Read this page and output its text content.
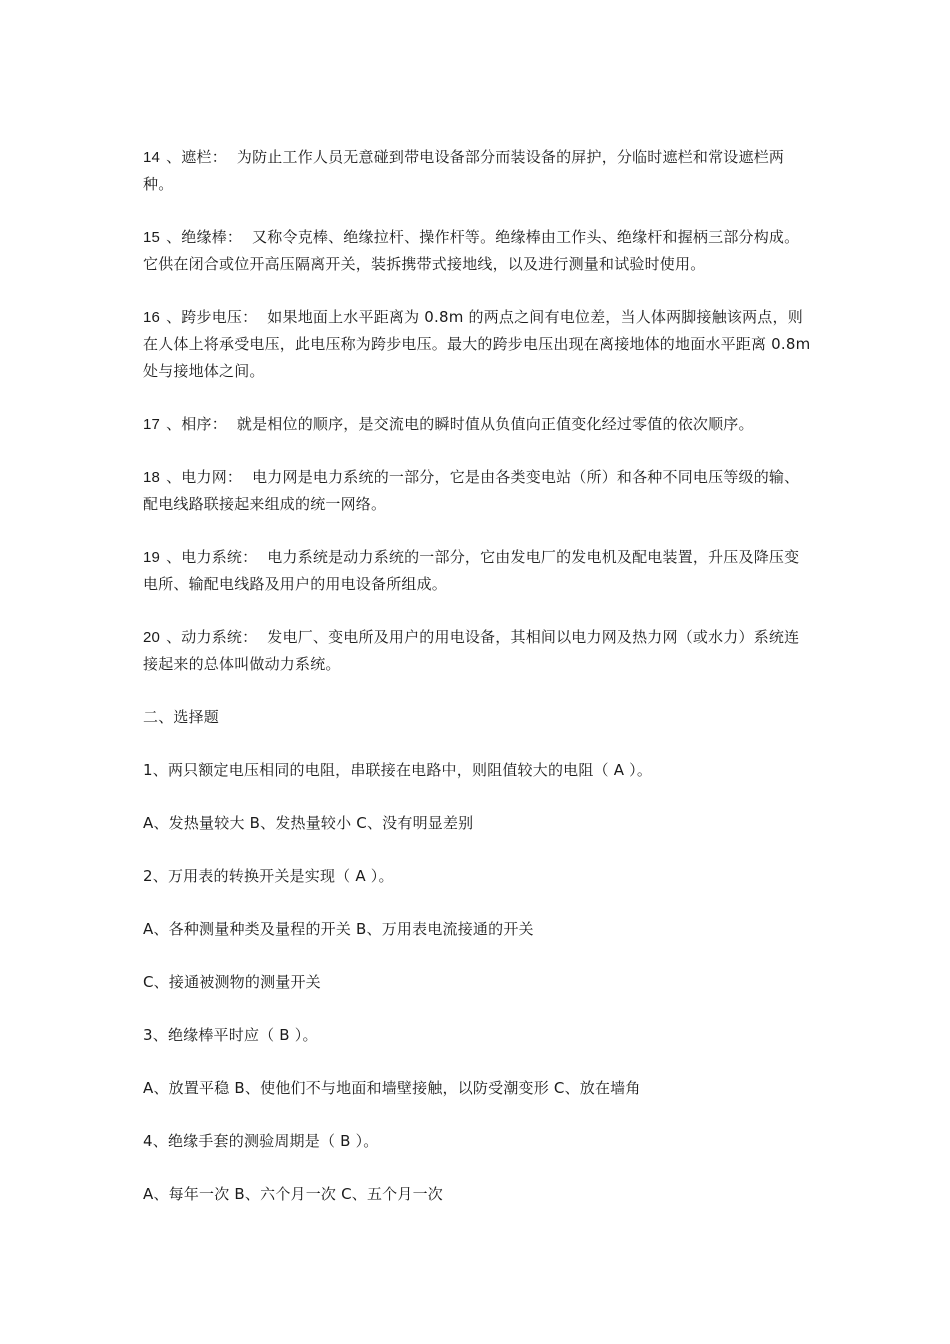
14 、遮栏： 为防止工作人员无意碰到带电设备部分而装设备的屏护，分临时遮栏和常设遮栏两种。

15 、绝缘棒： 又称令克棒、绝缘拉杆、操作杆等。绝缘棒由工作头、绝缘杆和握柄三部分构成。它供在闭合或位开高压隔离开关，装拆携带式接地线，以及进行测量和试验时使用。

16 、跨步电压： 如果地面上水平距离为 0.8m 的两点之间有电位差，当人体两脚接触该两点，则在人体上将承受电压，此电压称为跨步电压。最大的跨步电压出现在离接地体的地面水平距离 0.8m 处与接地体之间。

17 、相序： 就是相位的顺序，是交流电的瞬时值从负值向正值变化经过零值的依次顺序。

18 、电力网： 电力网是电力系统的一部分，它是由各类变电站（所）和各种不同电压等级的输、配电线路联接起来组成的统一网络。

19 、电力系统： 电力系统是动力系统的一部分，它由发电厂的发电机及配电装置，升压及降压变电所、输配电线路及用户的用电设备所组成。

20 、动力系统： 发电厂、变电所及用户的用电设备，其相间以电力网及热力网（或水力）系统连接起来的总体叫做动力系统。

二、选择题

1、两只额定电压相同的电阻，串联接在电路中，则阻值较大的电阻（ A ）。

A、发热量较大 B、发热量较小 C、没有明显差别

2、万用表的转换开关是实现（ A ）。

A、各种测量种类及量程的开关 B、万用表电流接通的开关

C、接通被测物的测量开关

3、绝缘棒平时应（ B ）。

A、放置平稳 B、使他们不与地面和墙壁接触，以防受潮变形 C、放在墙角

4、绝缘手套的测验周期是（ B ）。

A、每年一次 B、六个月一次 C、五个月一次
